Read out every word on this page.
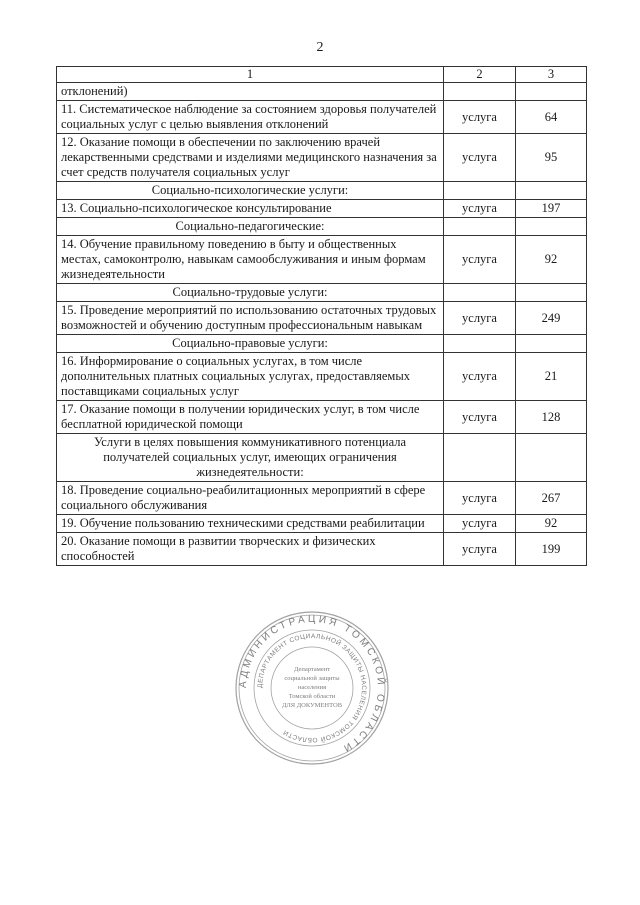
2
1	2	3
отклонений)		
11. Систематическое наблюдение за состоянием здоровья получателей социальных услуг с целью выявления отклонений	услуга	64
12. Оказание помощи в обеспечении по заключению врачей лекарственными средствами и изделиями медицинского назначения за счет средств получателя социальных услуг	услуга	95
Социально-психологические услуги:		
13. Социально-психологическое консультирование	услуга	197
Социально-педагогические:		
14. Обучение правильному поведению в быту и общественных местах, самоконтролю, навыкам самообслуживания и иным формам жизнедеятельности	услуга	92
Социально-трудовые услуги:		
15. Проведение мероприятий по использованию остаточных трудовых возможностей и обучению доступным профессиональным навыкам	услуга	249
Социально-правовые услуги:		
16. Информирование о социальных услугах, в том числе дополнительных платных социальных услугах, предоставляемых поставщиками социальных услуг	услуга	21
17. Оказание помощи в получении юридических услуг, в том числе бесплатной юридической помощи	услуга	128
Услуги в целях повышения коммуникативного потенциала получателей социальных услуг, имеющих ограничения жизнедеятельности:		
18. Проведение социально-реабилитационных мероприятий в сфере социального обслуживания	услуга	267
19. Обучение пользованию техническими средствами реабилитации	услуга	92
20. Оказание помощи в развитии творческих и физических способностей	услуга	199
АДМИНИСТРАЦИЯ ТОМСКОЙ ОБЛАСТИ
ДЕПАРТАМЕНТ СОЦИАЛЬНОЙ ЗАЩИТЫ НАСЕЛЕНИЯ ТОМСКОЙ ОБЛАСТИ
Департамент
социальной защиты
населения
Томской области
ДЛЯ ДОКУМЕНТОВ
